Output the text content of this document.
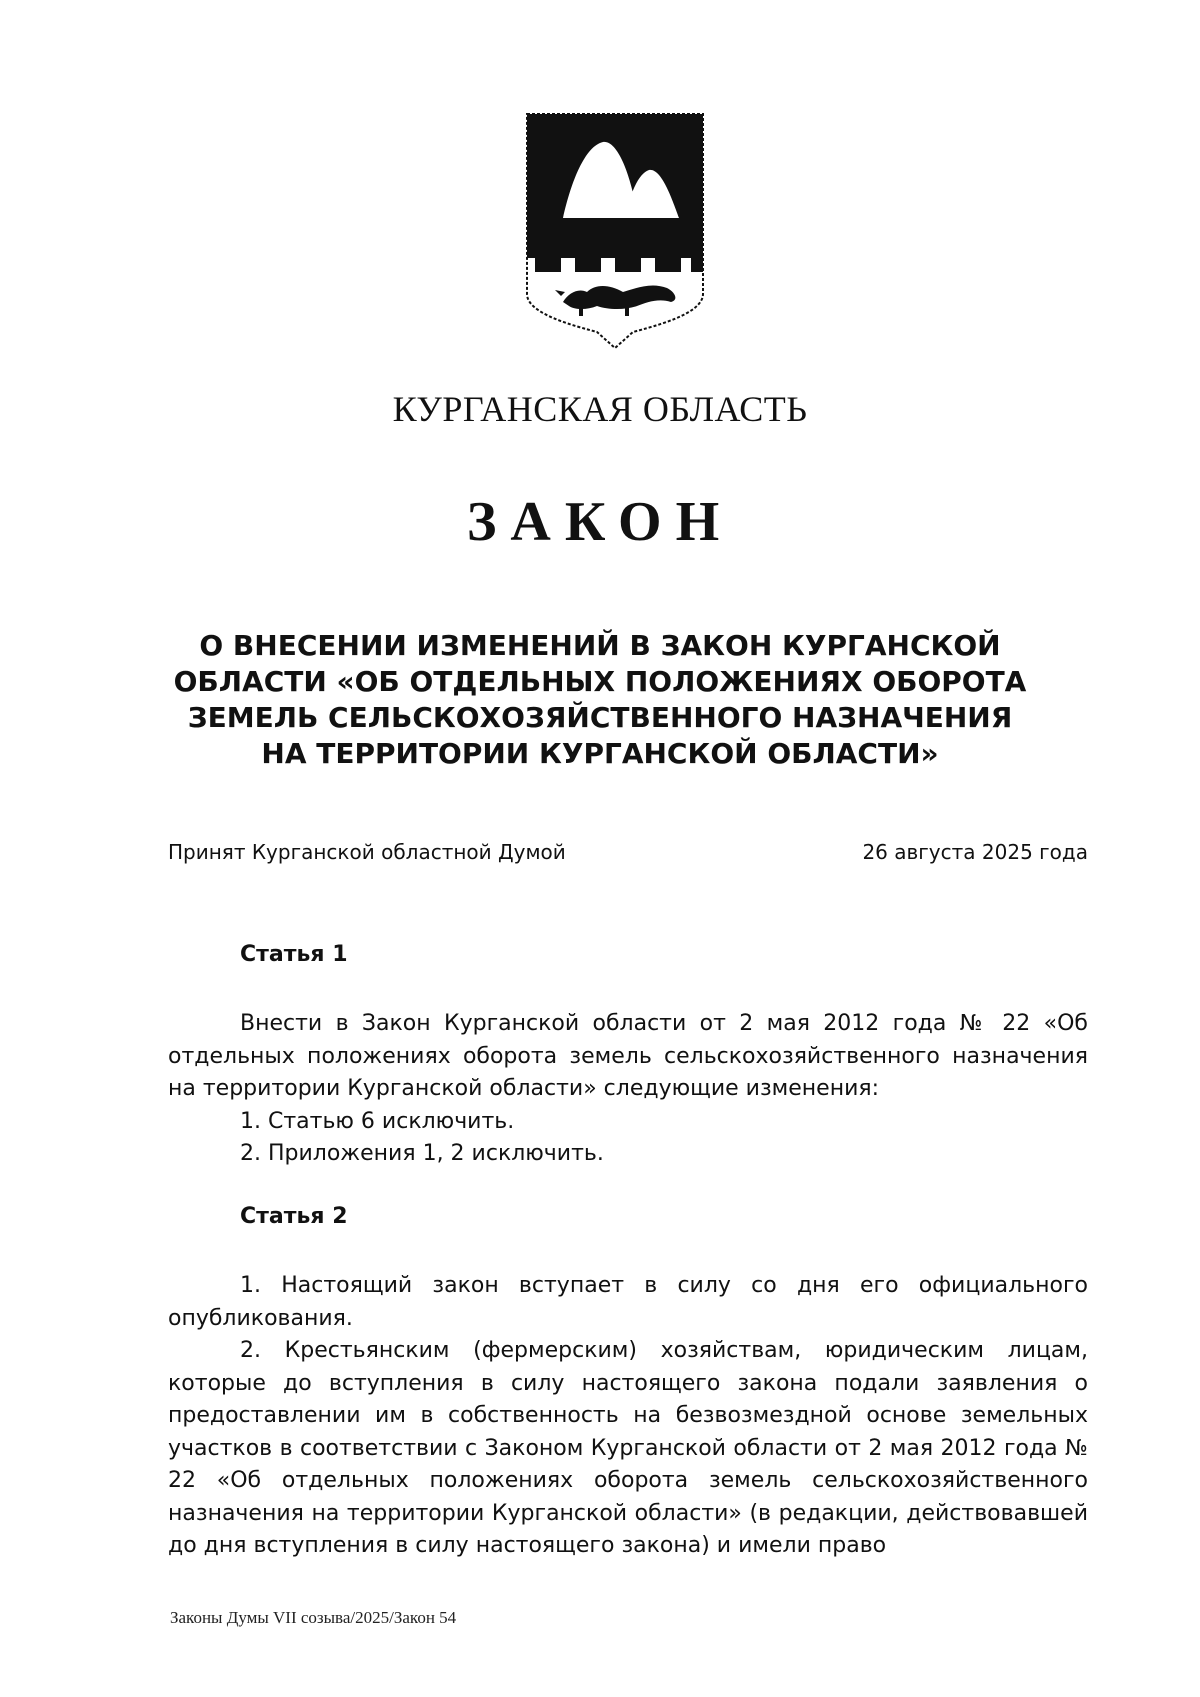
КУРГАНСКАЯ ОБЛАСТЬ
ЗАКОН
О ВНЕСЕНИИ ИЗМЕНЕНИЙ В ЗАКОН КУРГАНСКОЙ
ОБЛАСТИ «ОБ ОТДЕЛЬНЫХ ПОЛОЖЕНИЯХ ОБОРОТА
ЗЕМЕЛЬ СЕЛЬСКОХОЗЯЙСТВЕННОГО НАЗНАЧЕНИЯ
НА ТЕРРИТОРИИ КУРГАНСКОЙ ОБЛАСТИ»
Принят Курганской областной Думой	26 августа 2025 года
Статья 1

Внести в Закон Курганской области от 2 мая 2012 года № 22 «Об отдельных положениях оборота земель сельскохозяйственного назначения на территории Курганской области» следующие изменения:

1. Статью 6 исключить.

2. Приложения 1, 2 исключить.

Статья 2

1. Настоящий закон вступает в силу со дня его официального опубликования.

2. Крестьянским (фермерским) хозяйствам, юридическим лицам, которые до вступления в силу настоящего закона подали заявления о предоставлении им в собственность на безвозмездной основе земельных участков в соответствии с Законом Курганской области от 2 мая 2012 года № 22 «Об отдельных положениях оборота земель сельскохозяйственного назначения на территории Курганской области» (в редакции, действовавшей до дня вступления в силу настоящего закона) и имели право

Законы Думы VII созыва/2025/Закон 54
